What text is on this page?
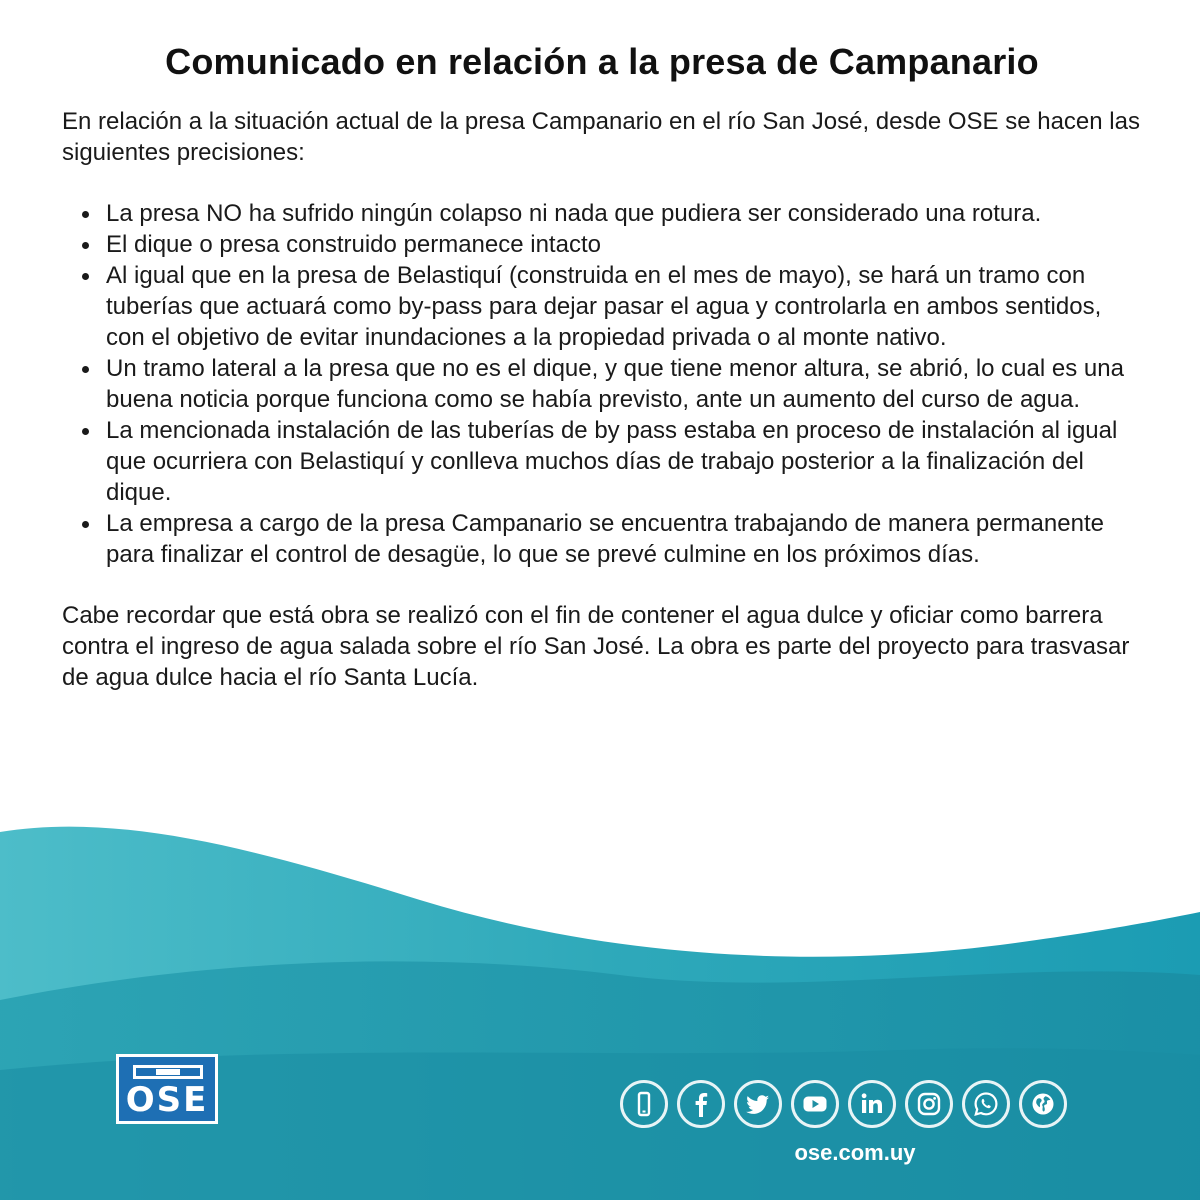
Comunicado en relación a la presa de Campanario

En relación a la situación actual de la presa Campanario en el río San José, desde OSE se hacen las siguientes precisiones:

La presa NO ha sufrido ningún colapso ni nada que pudiera ser considerado una rotura.
El dique o presa construido permanece intacto
Al igual que en la presa de Belastiquí (construida en el mes de mayo), se hará un tramo con tuberías que actuará como by-pass para dejar pasar el agua y controlarla en ambos sentidos, con el objetivo de evitar inundaciones a la propiedad privada o al monte nativo.
Un tramo lateral a la presa que no es el dique, y que tiene menor altura, se abrió, lo cual es una buena noticia porque funciona como se había previsto, ante un aumento del curso de agua.
La mencionada instalación de las tuberías de by pass estaba en proceso de instalación al igual que ocurriera con Belastiquí y conlleva muchos días de trabajo posterior a la finalización del dique.
La empresa a cargo de la presa Campanario se encuentra trabajando de manera permanente para finalizar el control de desagüe, lo que se prevé culmine en los próximos días.

Cabe recordar que está obra se realizó con el fin de contener el agua dulce y oficiar como barrera contra el ingreso de agua salada sobre el río San José. La obra es parte del proyecto para trasvasar de agua dulce hacia el río Santa Lucía.

OSE
ose.com.uy
